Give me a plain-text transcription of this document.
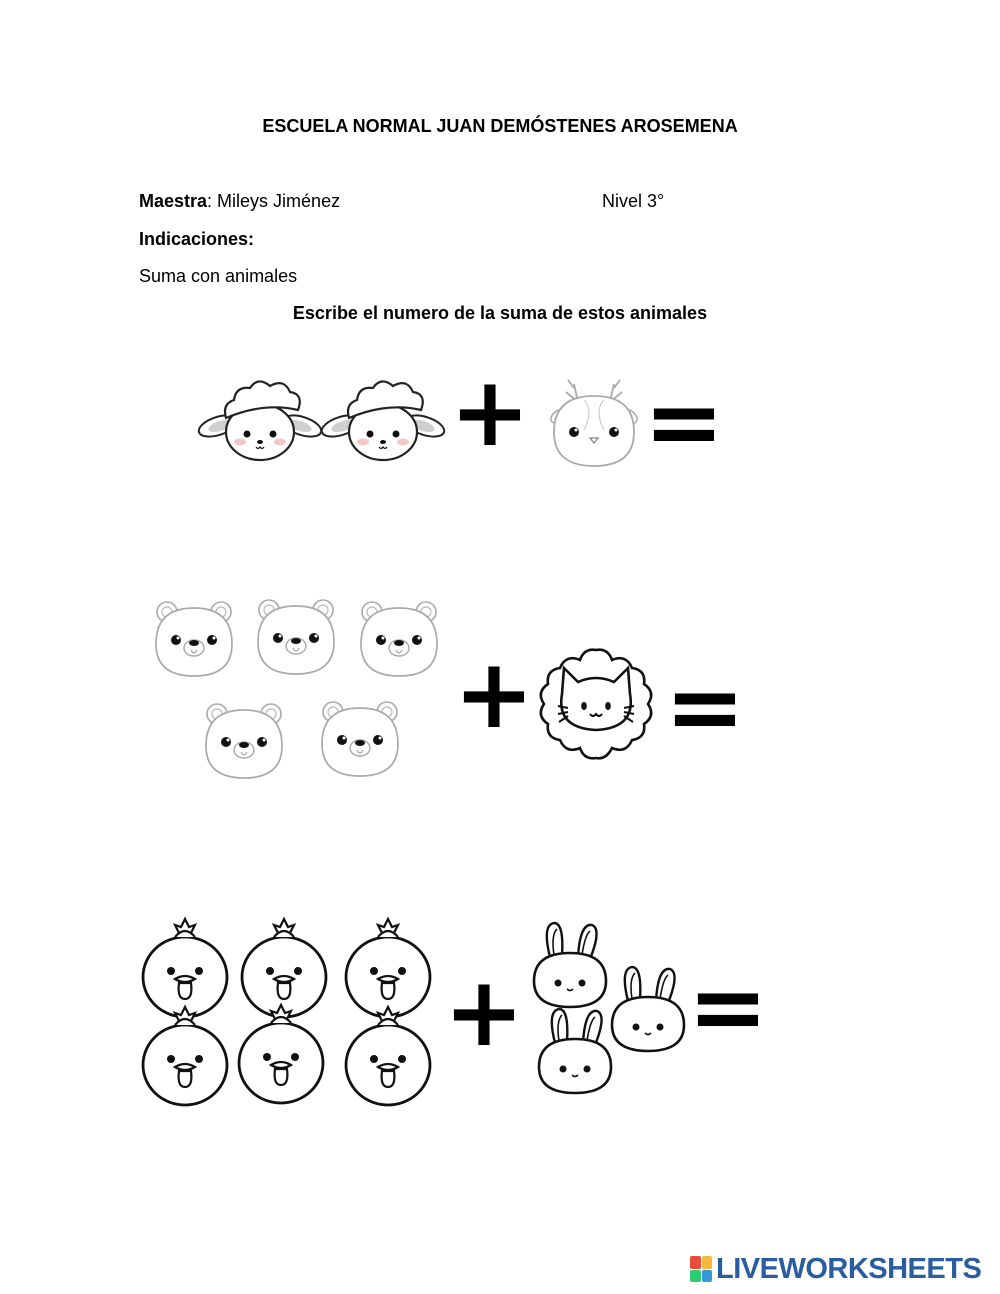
ESCUELA NORMAL JUAN DEMÓSTENES AROSEMENA
Maestra: Mileys Jiménez	Nivel 3°
Indicaciones:
Suma con animales
Escribe el numero de la suma de estos animales
+ =
+ =
+ =
LIVEWORKSHEETS
